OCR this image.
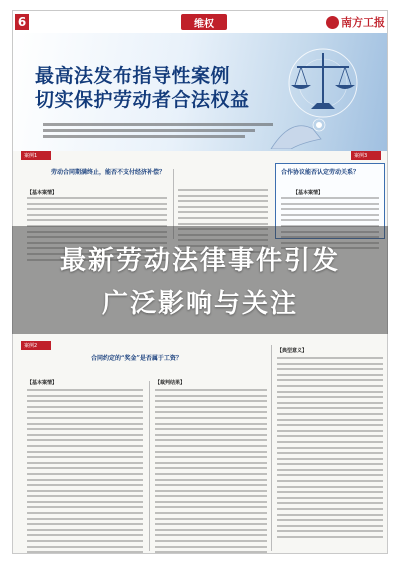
6	维权	南方工报
最高法发布指导性案例
切实保护劳动者合法权益
案例1
劳动合同期满终止，能否不支付经济补偿？
【基本案情】
案例3
合作协议能否认定劳动关系？
【基本案情】
案例2
合同约定的“奖金”是否属于工资？
【基本案情】	【裁判结果】
【典型意义】
最新劳动法律事件引发
广泛影响与关注
